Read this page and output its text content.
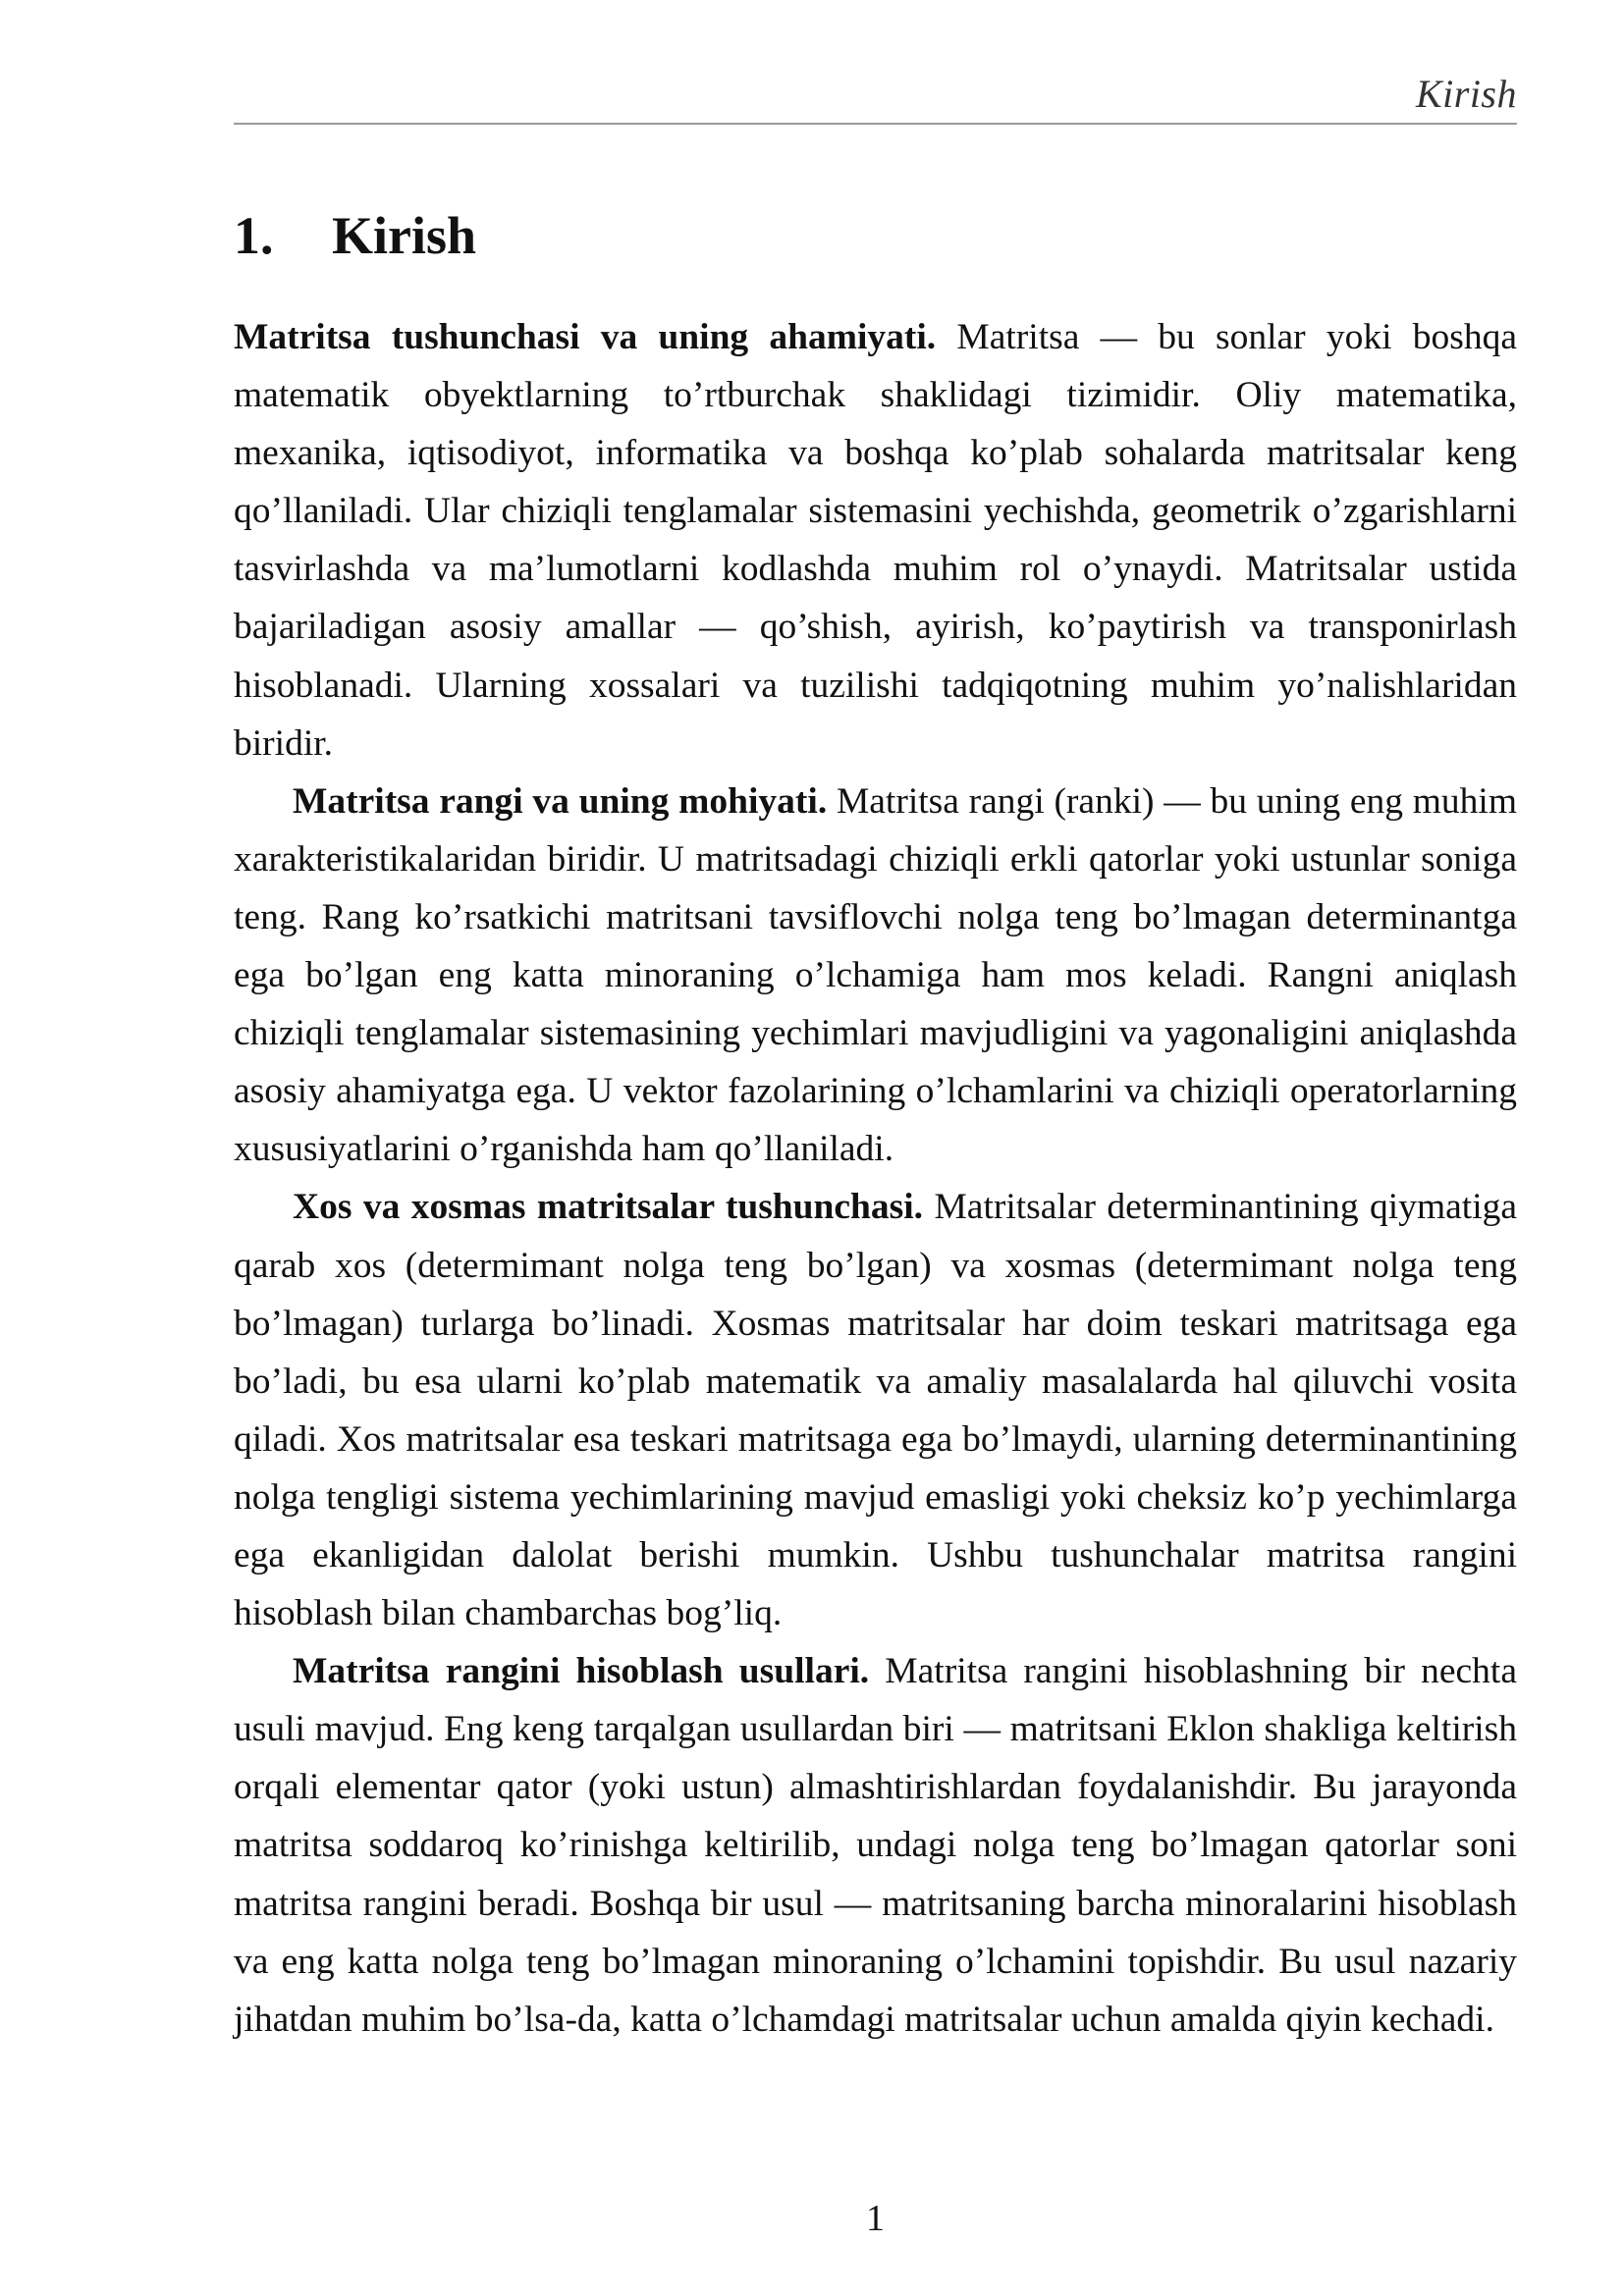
Kirish
1. Kirish

Matritsa tushunchasi va uning ahamiyati. Matritsa — bu sonlar yoki boshqa matematik obyektlarning to’rtburchak shaklidagi tizimidir. Oliy matematika, mexanika, iqtisodiyot, informatika va boshqa ko’plab sohalarda matritsalar keng qo’llaniladi. Ular chiziqli tenglamalar sistemasini yechishda, geometrik o’zgarishlarni tasvirlashda va ma’lumotlarni kodlashda muhim rol o’ynaydi. Matritsalar ustida bajariladigan asosiy amallar — qo’shish, ayirish, ko’paytirish va transponirlash hisoblanadi. Ularning xossalari va tuzilishi tadqiqotning muhim yo’nalishlaridan biridir.

Matritsa rangi va uning mohiyati. Matritsa rangi (ranki) — bu uning eng muhim xarakteristikalaridan biridir. U matritsadagi chiziqli erkli qatorlar yoki ustunlar soniga teng. Rang ko’rsatkichi matritsani tavsiflovchi nolga teng bo’lmagan determinantga ega bo’lgan eng katta minoraning o’lchamiga ham mos keladi. Rangni aniqlash chiziqli tenglamalar sistemasining yechimlari mavjudligini va yagonaligini aniqlashda asosiy ahamiyatga ega. U vektor fazolarining o’lchamlarini va chiziqli operatorlarning xususiyatlarini o’rganishda ham qo’llaniladi.

Xos va xosmas matritsalar tushunchasi. Matritsalar determinantining qiymatiga qarab xos (determimant nolga teng bo’lgan) va xosmas (determimant nolga teng bo’lmagan) turlarga bo’linadi. Xosmas matritsalar har doim teskari matritsaga ega bo’ladi, bu esa ularni ko’plab matematik va amaliy masalalarda hal qiluvchi vosita qiladi. Xos matritsalar esa teskari matritsaga ega bo’lmaydi, ularning determinantining nolga tengligi sistema yechimlarining mavjud emasligi yoki cheksiz ko’p yechimlarga ega ekanligidan dalolat berishi mumkin. Ushbu tushunchalar matritsa rangini hisoblash bilan chambarchas bog’liq.

Matritsa rangini hisoblash usullari. Matritsa rangini hisoblashning bir nechta usuli mavjud. Eng keng tarqalgan usullardan biri — matritsani Eklon shakliga keltirish orqali elementar qator (yoki ustun) almashtirishlardan foydalanishdir. Bu jarayonda matritsa soddaroq ko’rinishga keltirilib, undagi nolga teng bo’lmagan qatorlar soni matritsa rangini beradi. Boshqa bir usul — matritsaning barcha minoralarini hisoblash va eng katta nolga teng bo’lmagan minoraning o’lchamini topishdir. Bu usul nazariy jihatdan muhim bo’lsa-da, katta o’lchamdagi matritsalar uchun amalda qiyin kechadi.

1
